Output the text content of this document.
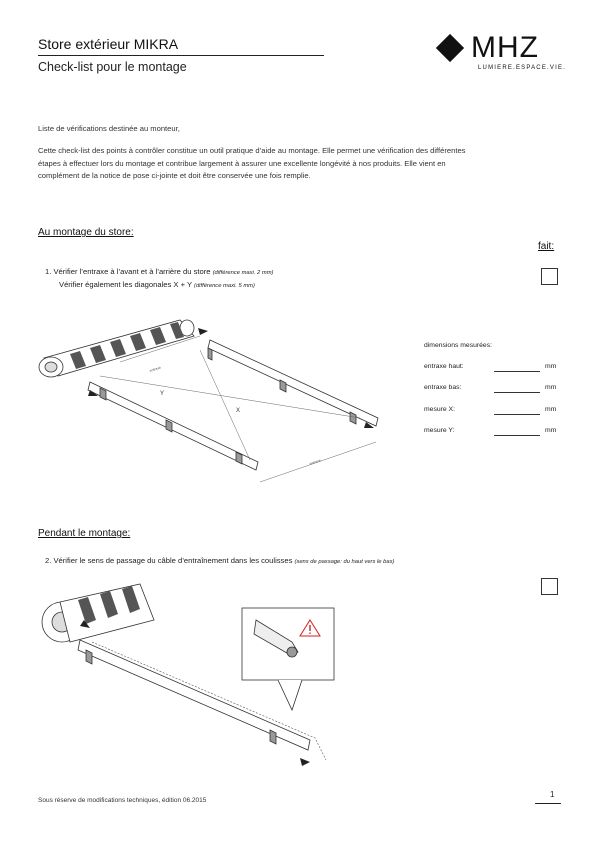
Store extérieur MIKRA
Check-list pour le montage
MHZ
LUMIERE.ESPACE.VIE.
Liste de vérifications destinée au monteur,
Cette check-list des points à contrôler constitue un outil pratique d’aide au montage. Elle permet une vérification des différentes
étapes à effectuer lors du montage et contribue largement à assurer une excellente longévité à nos produits. Elle vient en
complément de la notice de pose ci-jointe et doit être conservée une fois remplie.
Au montage du store:
fait:
1. Vérifier l’entraxe à l’avant et à l’arrière du store (différence maxi. 2 mm)
Vérifier également les diagonales X + Y (différence maxi. 5 mm)
Y
X
entraxe
entraxe
dimensions mesurées:
entraxe haut:	mm
entraxe bas:	mm
mesure X:	mm
mesure Y:	mm
Pendant le montage:
2. Vérifier le sens de passage du câble d’entraînement dans les coulisses (sens de passage: du haut vers le bas)
Sous réserve de modifications techniques, édition 06.2015
1
